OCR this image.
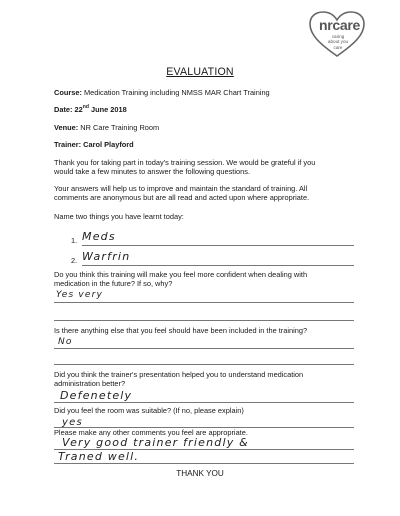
nrcare
caring about you care
EVALUATION
Course: Medication Training including NMSS MAR Chart Training
Date: 22nd June 2018
Venue: NR Care Training Room
Trainer: Carol Playford
Thank you for taking part in today's training session. We would be grateful if you
would take a few minutes to answer the following questions.
Your answers will help us to improve and maintain the standard of training. All
comments are anonymous but are all read and acted upon where appropriate.
Name two things you have learnt today:
1. Meds
2. Warfrin
Do you think this training will make you feel more confident when dealing with
medication in the future? If so, why?
Yes very
Is there anything else that you feel should have been included in the training?
No
Did you think the trainer's presentation helped you to understand medication
administration better?
Defenetely
Did you feel the room was suitable? (If no, please explain)
yes
Please make any other comments you feel are appropriate.
Very good trainer friendly &
Traned well.
THANK YOU
